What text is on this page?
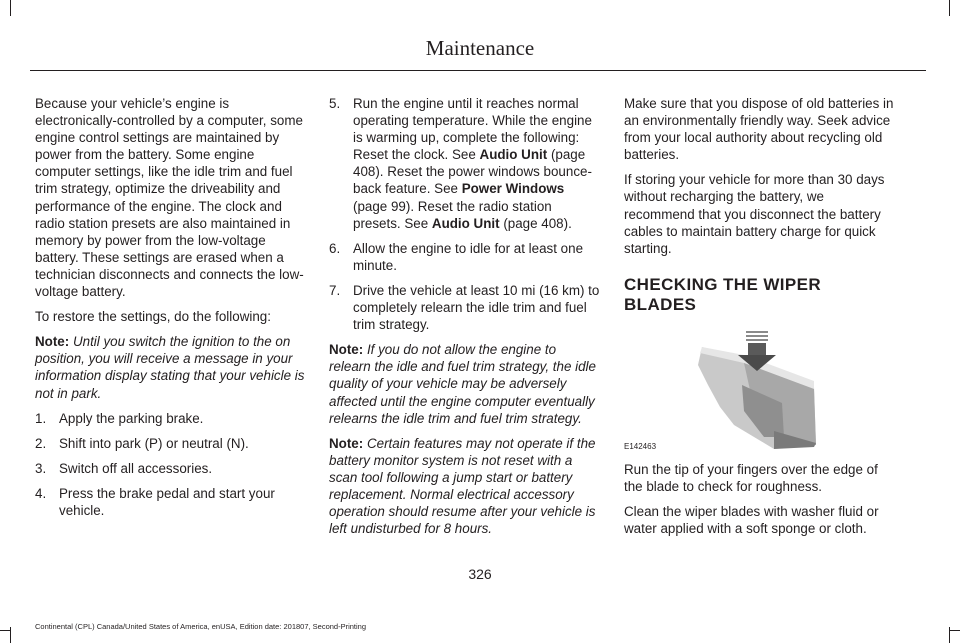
Maintenance

Because your vehicle’s engine is electronically-controlled by a computer, some engine control settings are maintained by power from the battery. Some engine computer settings, like the idle trim and fuel trim strategy, optimize the driveability and performance of the engine. The clock and radio station presets are also maintained in memory by power from the low-voltage battery. These settings are erased when a technician disconnects and connects the low-voltage battery.

To restore the settings, do the following:

Note: Until you switch the ignition to the on position, you will receive a message in your information display stating that your vehicle is not in park.

1. Apply the parking brake.
2. Shift into park (P) or neutral (N).
3. Switch off all accessories.
4. Press the brake pedal and start your vehicle.
5. Run the engine until it reaches normal operating temperature. While the engine is warming up, complete the following: Reset the clock. See Audio Unit (page 408). Reset the power windows bounce-back feature. See Power Windows (page 99). Reset the radio station presets. See Audio Unit (page 408).
6. Allow the engine to idle for at least one minute.
7. Drive the vehicle at least 10 mi (16 km) to completely relearn the idle trim and fuel trim strategy.

Note: If you do not allow the engine to relearn the idle and fuel trim strategy, the idle quality of your vehicle may be adversely affected until the engine computer eventually relearns the idle trim and fuel trim strategy.

Note: Certain features may not operate if the battery monitor system is not reset with a scan tool following a jump start or battery replacement. Normal electrical accessory operation should resume after your vehicle is left undisturbed for 8 hours.

Make sure that you dispose of old batteries in an environmentally friendly way. Seek advice from your local authority about recycling old batteries.

If storing your vehicle for more than 30 days without recharging the battery, we recommend that you disconnect the battery cables to maintain battery charge for quick starting.

CHECKING THE WIPER BLADES
E142463

Run the tip of your fingers over the edge of the blade to check for roughness.

Clean the wiper blades with washer fluid or water applied with a soft sponge or cloth.

326
Continental (CPL) Canada/United States of America, enUSA, Edition date: 201807, Second-Printing
